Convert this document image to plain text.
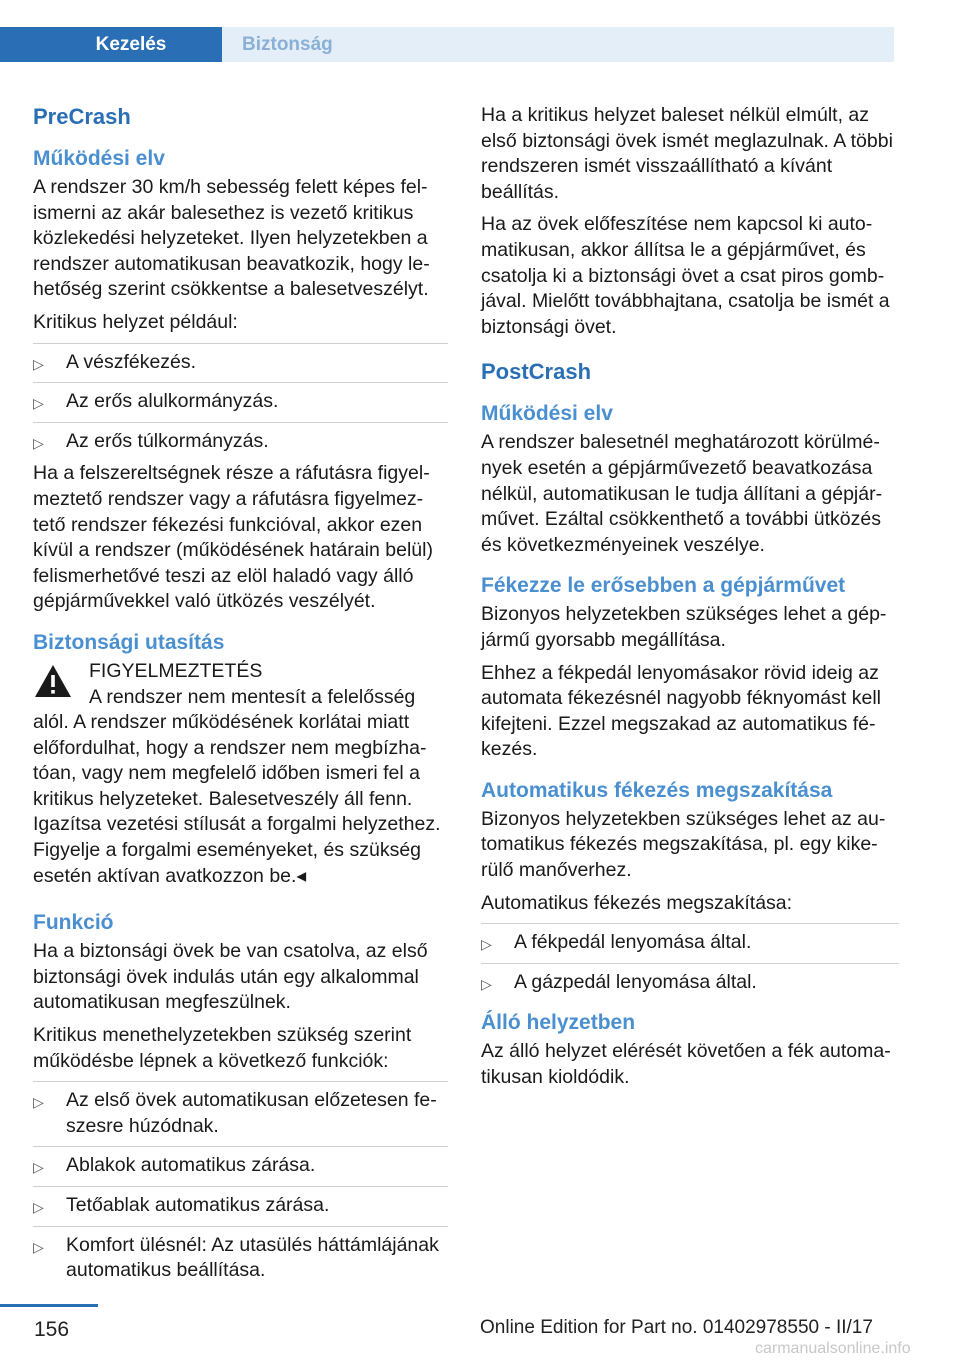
Kezelés	Biztonság
PreCrash
Működési elv

A rendszer 30 km/h sebesség felett képes fel-ismerni az akár balesethez is vezető kritikus közlekedési helyzeteket. Ilyen helyzetekben a rendszer automatikusan beavatkozik, hogy le-hetőség szerint csökkentse a balesetveszélyt.

Kritikus helyzet például:

▷ A vészfékezés.
▷ Az erős alulkormányzás.
▷ Az erős túlkormányzás.

Ha a felszereltségnek része a ráfutásra figyel-meztető rendszer vagy a ráfutásra figyelmez-tető rendszer fékezési funkcióval, akkor ezen kívül a rendszer (működésének határain belül) felismerhetővé teszi az elöl haladó vagy álló gépjárművekkel való ütközés veszélyét.

Biztonsági utasítás
FIGYELMEZTETÉS
A rendszer nem mentesít a felelősség
alól. A rendszer működésének korlátai miatt előfordulhat, hogy a rendszer nem megbízha-tóan, vagy nem megfelelő időben ismeri fel a kritikus helyzeteket. Balesetveszély áll fenn. Igazítsa vezetési stílusát a forgalmi helyzethez. Figyelje a forgalmi eseményeket, és szükség esetén aktívan avatkozzon be.◂
Funkció

Ha a biztonsági övek be van csatolva, az első biztonsági övek indulás után egy alkalommal automatikusan megfeszülnek.

Kritikus menethelyzetekben szükség szerint működésbe lépnek a következő funkciók:

▷ Az első övek automatikusan előzetesen fe-szesre húzódnak.
▷ Ablakok automatikus zárása.
▷ Tetőablak automatikus zárása.
▷ Komfort ülésnél: Az utasülés háttámlájának automatikus beállítása.

Ha a kritikus helyzet baleset nélkül elmúlt, az első biztonsági övek ismét meglazulnak. A többi rendszeren ismét visszaállítható a kívánt beállítás.

Ha az övek előfeszítése nem kapcsol ki auto-matikusan, akkor állítsa le a gépjárművet, és csatolja ki a biztonsági övet a csat piros gomb-jával. Mielőtt továbbhajtana, csatolja be ismét a biztonsági övet.

PostCrash
Működési elv

A rendszer balesetnél meghatározott körülmé-nyek esetén a gépjárművezető beavatkozása nélkül, automatikusan le tudja állítani a gépjár-művet. Ezáltal csökkenthető a további ütközés és következményeinek veszélye.

Fékezze le erősebben a gépjárművet

Bizonyos helyzetekben szükséges lehet a gép-jármű gyorsabb megállítása.

Ehhez a fékpedál lenyomásakor rövid ideig az automata fékezésnél nagyobb féknyomást kell kifejteni. Ezzel megszakad az automatikus fé-kezés.

Automatikus fékezés megszakítása

Bizonyos helyzetekben szükséges lehet az au-tomatikus fékezés megszakítása, pl. egy kike-rülő manőverhez.

Automatikus fékezés megszakítása:

▷ A fékpedál lenyomása által.
▷ A gázpedál lenyomása által.
Álló helyzetben

Az álló helyzet elérését követően a fék automa-tikusan kioldódik.

156	Online Edition for Part no. 01402978550 - II/17
carmanualsonline.info
